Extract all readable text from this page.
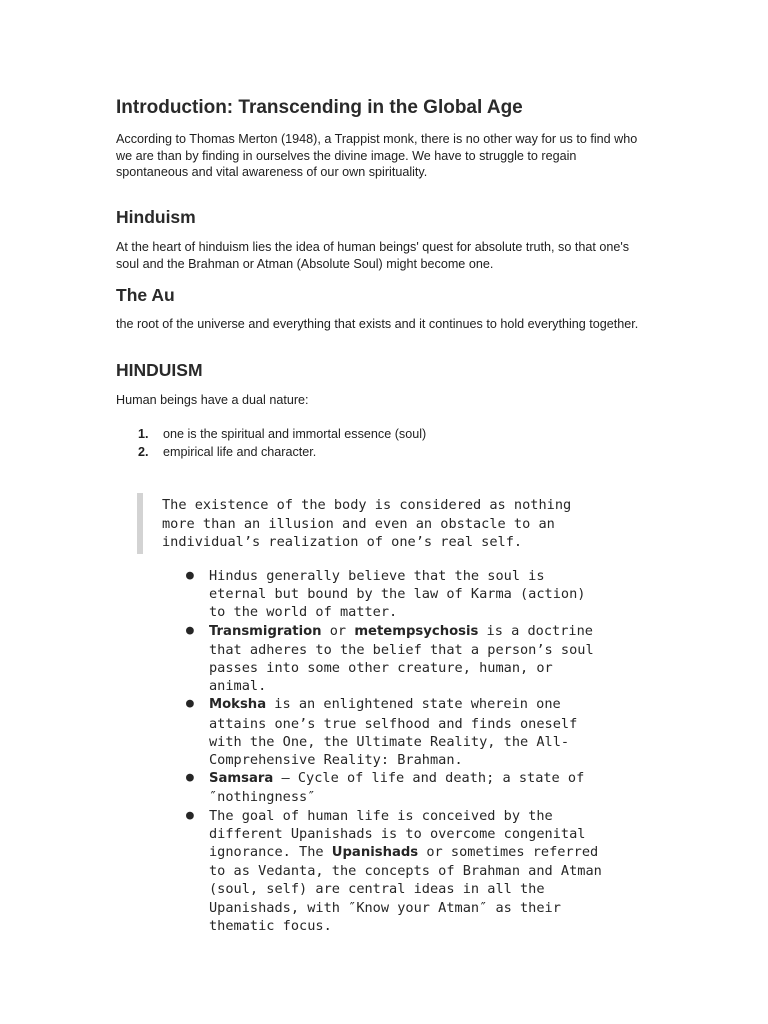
Introduction: Transcending in the Global Age

According to Thomas Merton (1948), a Trappist monk, there is no other way for us to find who we are than by finding in ourselves the divine image. We have to struggle to regain spontaneous and vital awareness of our own spirituality.

Hinduism

At the heart of hinduism lies the idea of human beings' quest for absolute truth, so that one's soul and the Brahman or Atman (Absolute Soul) might become one.

The Au

the root of the universe and everything that exists and it continues to hold everything together.

HINDUISM

Human beings have a dual nature:

1. one is the spiritual and immortal essence (soul)
2. empirical life and character.
The existence of the body is considered as nothing
more than an illusion and even an obstacle to an
individual’s realization of one’s real self.
● Hindus generally believe that the soul is eternal but bound by the law of Karma (action) to the world of matter.
● Transmigration or metempsychosis is a doctrine that adheres to the belief that a person’s soul passes into some other creature, human, or animal.
● Moksha is an enlightened state wherein one attains one’s true selfhood and finds oneself with the One, the Ultimate Reality, the All-Comprehensive Reality: Brahman.
● Samsara – Cycle of life and death; a state of ″nothingness″
● The goal of human life is conceived by the different Upanishads is to overcome congenital ignorance. The Upanishads or sometimes referred to as Vedanta, the concepts of Brahman and Atman (soul, self) are central ideas in all the Upanishads, with ″Know your Atman″ as their thematic focus.
